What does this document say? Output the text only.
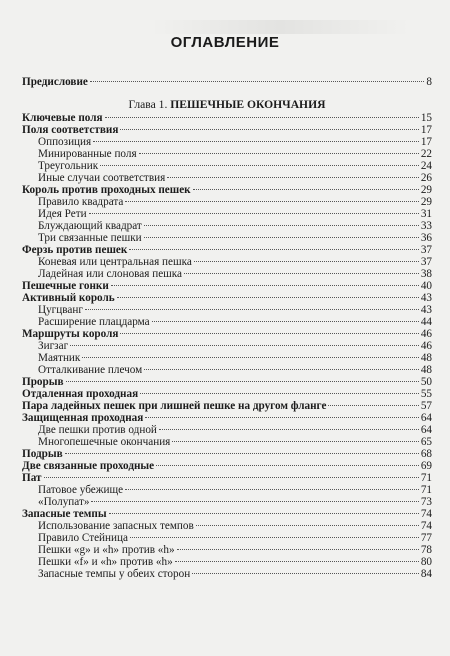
ОГЛАВЛЕНИЕ
Предисловие	8
Глава 1. ПЕШЕЧНЫЕ ОКОНЧАНИЯ
Ключевые поля	15
Поля соответствия	17
Оппозиция	17
Минированные поля	22
Треугольник	24
Иные случаи соответствия	26
Король против проходных пешек	29
Правило квадрата	29
Идея Рети	31
Блуждающий квадрат	33
Три связанные пешки	36
Ферзь против пешек	37
Коневая или центральная пешка	37
Ладейная или слоновая пешка	38
Пешечные гонки	40
Активный король	43
Цугцванг	43
Расширение плацдарма	44
Маршруты короля	46
Зигзаг	46
Маятник	48
Отталкивание плечом	48
Прорыв	50
Отдаленная проходная	55
Пара ладейных пешек при лишней пешке на другом фланге	57
Защищенная проходная	64
Две пешки против одной	64
Многопешечные окончания	65
Подрыв	68
Две связанные проходные	69
Пат	71
Патовое убежище	71
«Полупат»	73
Запасные темпы	74
Использование запасных темпов	74
Правило Стейница	77
Пешки «g» и «h» против «h»	78
Пешки «f» и «h» против «h»	80
Запасные темпы у обеих сторон	84
